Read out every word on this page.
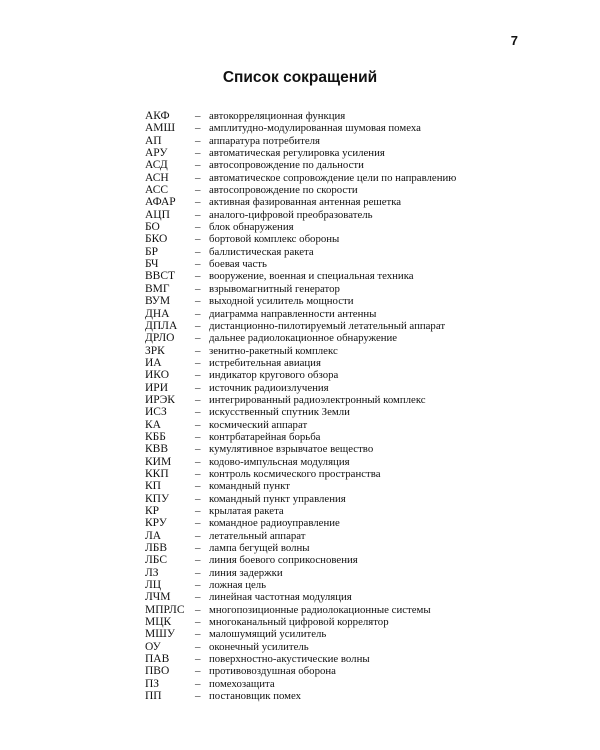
7
Список сокращений
АКФ – автокорреляционная функция
АМШ – амплитудно-модулированная шумовая помеха
АП	– аппаратура потребителя
АРУ – автоматическая регулировка усиления
АСД – автосопровождение по дальности
АСН – автоматическое сопровождение цели по направлению
АСС – автосопровождение по скорости
АФАР – активная фазированная антенная решетка
АЦП – аналого-цифровой преобразователь
БО	– блок обнаружения
БКО	– бортовой комплекс обороны
БР	– баллистическая ракета
БЧ	– боевая часть
ВВСТ – вооружение, военная и специальная техника
ВМГ – взрывомагнитный генератор
ВУМ – выходной усилитель мощности
ДНА – диаграмма направленности антенны
ДПЛА – дистанционно-пилотируемый летательный аппарат
ДРЛО – дальнее радиолокационное обнаружение
ЗРК	– зенитно-ракетный комплекс
ИА	– истребительная авиация
ИКО – индикатор кругового обзора
ИРИ – источник радиоизлучения
ИРЭК – интегрированный радиоэлектронный комплекс
ИСЗ	– искусственный спутник Земли
КА	– космический аппарат
КББ	– контрбатарейная борьба
КВВ – кумулятивное взрывчатое вещество
КИМ – кодово-импульсная модуляция
ККП – контроль космического пространства
КП	– командный пункт
КПУ – командный пункт управления
КР	– крылатая ракета
КРУ	– командное радиоуправление
ЛА	– летательный аппарат
ЛБВ	– лампа бегущей волны
ЛБС	– линия боевого соприкосновения
ЛЗ	– линия задержки
ЛЦ	– ложная цель
ЛЧМ – линейная частотная модуляция
МПРЛС – многопозиционные радиолокационные системы
МЦК – многоканальный цифровой коррелятор
МШУ – малошумящий усилитель
ОУ	– оконечный усилитель
ПАВ – поверхностно-акустические волны
ПВО – противовоздушная оборона
ПЗ	– помехозащита
ПП	– постановщик помех
